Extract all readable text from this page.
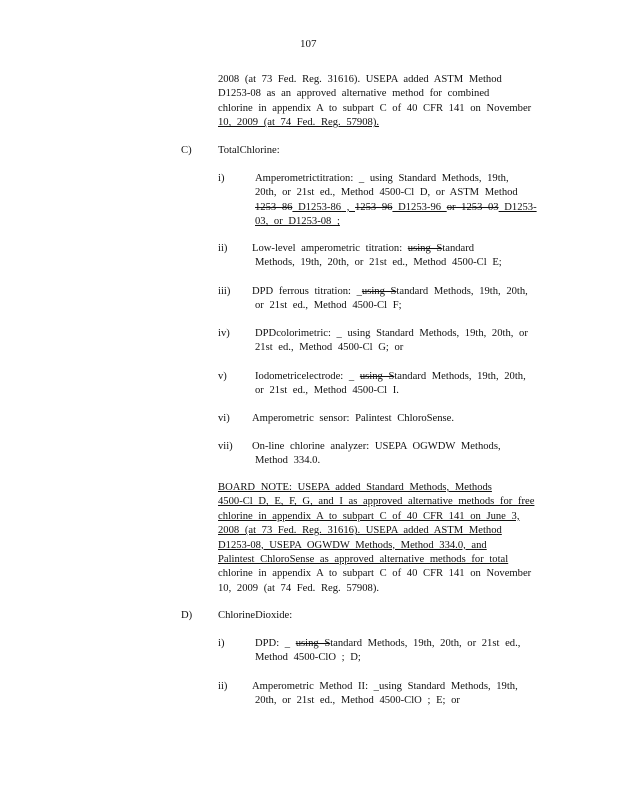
107
2008 (at 73 Fed. Reg. 31616). USEPA added ASTM Method
D1253-08 as an approved alternative method for combined
chlorine in appendix A to subpart C of 40 CFR 141 on November
10, 2009 (at 74 Fed. Reg. 57908).
C) TotalChlorine:
i)	Amperometrictitration: _ using Standard Methods, 19th,
20th, or 21st ed., Method 4500-Cl D, or ASTM Method
1253 86 D1253-86 , 1253 96 D1253-96 or 1253 03 D1253-
03, or D1253-08 ;
ii) Low-level amperometric titration: using Standard
Methods, 19th, 20th, or 21st ed., Method 4500-Cl E;
iii) DPD ferrous titration: _using Standard Methods, 19th, 20th,
or 21st ed., Method 4500-Cl F;
iv) DPDcolorimetric: _ using Standard Methods, 19th, 20th, or
21st ed., Method 4500-Cl G; or
v)	Iodometricelectrode: _ using Standard Methods, 19th, 20th,
or 21st ed., Method 4500-Cl I.
vi) Amperometric sensor: Palintest ChloroSense.
vii) On-line chlorine analyzer: USEPA OGWDW Methods,
Method 334.0.
BOARD NOTE: USEPA added Standard Methods, Methods
4500-Cl D, E, F, G, and I as approved alternative methods for free
chlorine in appendix A to subpart C of 40 CFR 141 on June 3,
2008 (at 73 Fed. Reg. 31616). USEPA added ASTM Method
D1253-08, USEPA OGWDW Methods, Method 334.0, and
Palintest ChloroSense as approved alternative methods for total
chlorine in appendix A to subpart C of 40 CFR 141 on November
10, 2009 (at 74 Fed. Reg. 57908).
D) ChlorineDioxide:
i)	DPD: _ using Standard Methods, 19th, 20th, or 21st ed.,
Method 4500-ClO ; D;
ii) Amperometric Method II: _using Standard Methods, 19th,
20th, or 21st ed., Method 4500-ClO ; E; or
